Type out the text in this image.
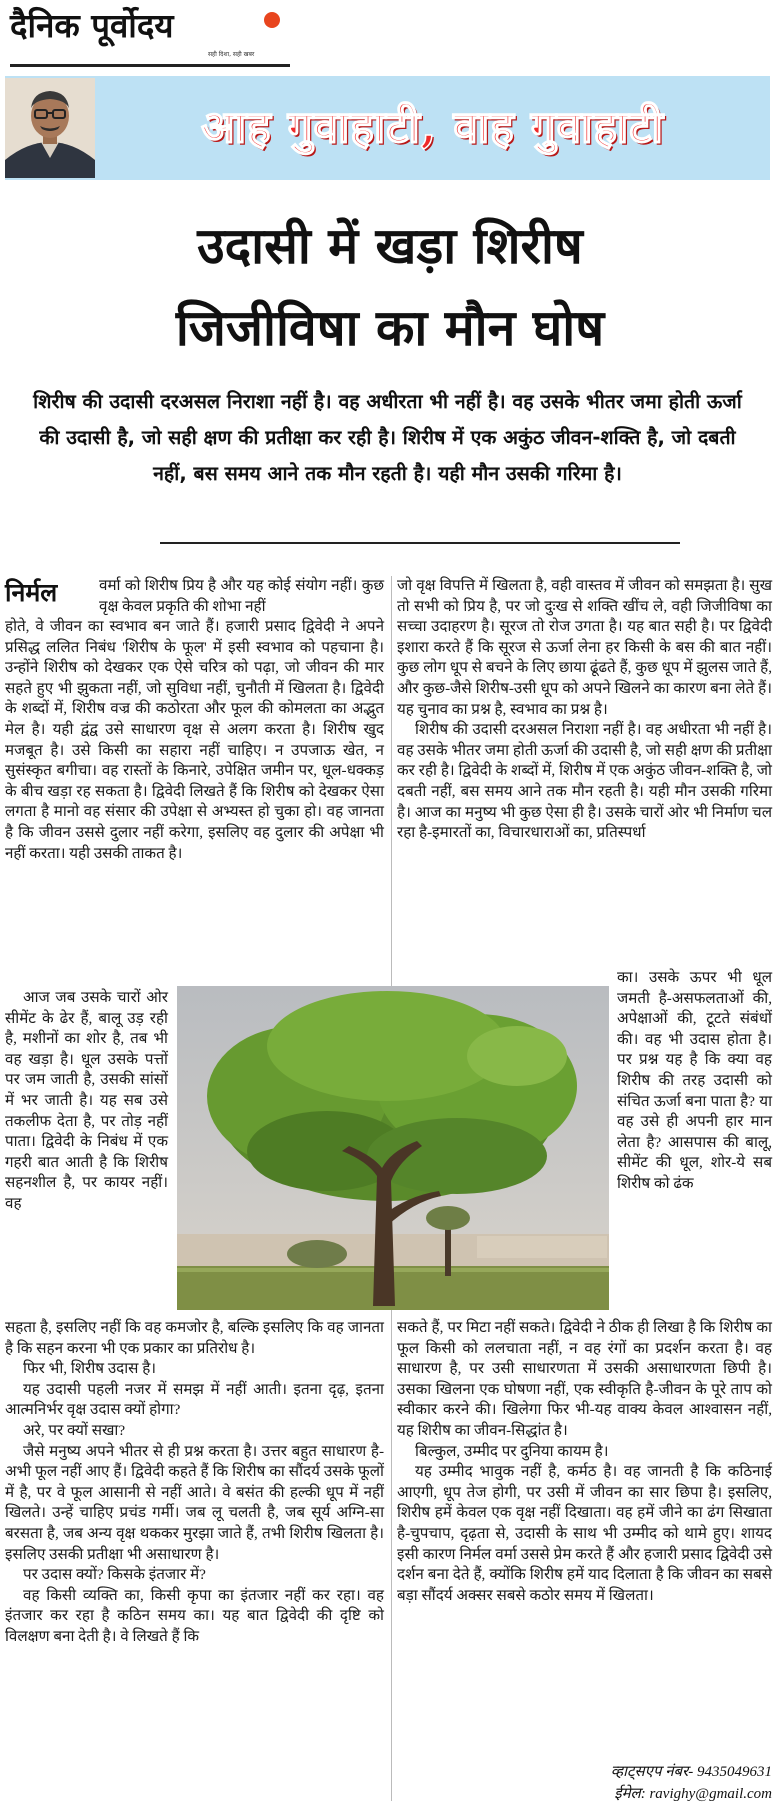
दैनिक पूर्वोदय
सही दिशा, सही खबर
आह गुवाहाटी, वाह गुवाहाटी
उदासी में खड़ा शिरीष
जिजीविषा का मौन घोष
शिरीष की उदासी दरअसल निराशा नहीं है। वह अधीरता भी नहीं है। वह उसके भीतर जमा होती ऊर्जा की उदासी है, जो सही क्षण की प्रतीक्षा कर रही है। शिरीष में एक अकुंठ जीवन-शक्ति है, जो दबती नहीं, बस समय आने तक मौन रहती है। यही मौन उसकी गरिमा है।
निर्मल	वर्मा को शिरीष प्रिय है और यह कोई संयोग नहीं। कुछ वृक्ष केवल प्रकृति की शोभा नहीं

होते, वे जीवन का स्वभाव बन जाते हैं। हजारी प्रसाद द्विवेदी ने अपने प्रसिद्ध ललित निबंध 'शिरीष के फूल' में इसी स्वभाव को पहचाना है। उन्होंने शिरीष को देखकर एक ऐसे चरित्र को पढ़ा, जो जीवन की मार सहते हुए भी झुकता नहीं, जो सुविधा नहीं, चुनौती में खिलता है। द्विवेदी के शब्दों में, शिरीष वज्र की कठोरता और फूल की कोमलता का अद्भुत मेल है। यही द्वंद्व उसे साधारण वृक्ष से अलग करता है। शिरीष खुद मजबूत है। उसे किसी का सहारा नहीं चाहिए। न उपजाऊ खेत, न सुसंस्कृत बगीचा। वह रास्तों के किनारे, उपेक्षित जमीन पर, धूल-धक्कड़ के बीच खड़ा रह सकता है। द्विवेदी लिखते हैं कि शिरीष को देखकर ऐसा लगता है मानो वह संसार की उपेक्षा से अभ्यस्त हो चुका हो। वह जानता है कि जीवन उससे दुलार नहीं करेगा, इसलिए वह दुलार की अपेक्षा भी नहीं करता। यही उसकी ताकत है।

आज जब उसके चारों ओर सीमेंट के ढेर हैं, बालू उड़ रही है, मशीनों का शोर है, तब भी वह खड़ा है। धूल उसके पत्तों पर जम जाती है, उसकी सांसों में भर जाती है। यह सब उसे तकलीफ देता है, पर तोड़ नहीं पाता। द्विवेदी के निबंध में एक गहरी बात आती है कि शिरीष सहनशील है, पर कायर नहीं। वह

सहता है, इसलिए नहीं कि वह कमजोर है, बल्कि इसलिए कि वह जानता है कि सहन करना भी एक प्रकार का प्रतिरोध है।

फिर भी, शिरीष उदास है।

यह उदासी पहली नजर में समझ में नहीं आती। इतना दृढ़, इतना आत्मनिर्भर वृक्ष उदास क्यों होगा?

अरे, पर क्यों सखा?

जैसे मनुष्य अपने भीतर से ही प्रश्न करता है। उत्तर बहुत साधारण है-अभी फूल नहीं आए हैं। द्विवेदी कहते हैं कि शिरीष का सौंदर्य उसके फूलों में है, पर वे फूल आसानी से नहीं आते। वे बसंत की हल्की धूप में नहीं खिलते। उन्हें चाहिए प्रचंड गर्मी। जब लू चलती है, जब सूर्य अग्नि-सा बरसता है, जब अन्य वृक्ष थककर मुरझा जाते हैं, तभी शिरीष खिलता है। इसलिए उसकी प्रतीक्षा भी असाधारण है।

पर उदास क्यों? किसके इंतजार में?

वह किसी व्यक्ति का, किसी कृपा का इंतजार नहीं कर रहा। वह इंतजार कर रहा है कठिन समय का। यह बात द्विवेदी की दृष्टि को विलक्षण बना देती है। वे लिखते हैं कि

जो वृक्ष विपत्ति में खिलता है, वही वास्तव में जीवन को समझता है। सुख तो सभी को प्रिय है, पर जो दुःख से शक्ति खींच ले, वही जिजीविषा का सच्चा उदाहरण है। सूरज तो रोज उगता है। यह बात सही है। पर द्विवेदी इशारा करते हैं कि सूरज से ऊर्जा लेना हर किसी के बस की बात नहीं। कुछ लोग धूप से बचने के लिए छाया ढूंढते हैं, कुछ धूप में झुलस जाते हैं, और कुछ-जैसे शिरीष-उसी धूप को अपने खिलने का कारण बना लेते हैं। यह चुनाव का प्रश्न है, स्वभाव का प्रश्न है।

शिरीष की उदासी दरअसल निराशा नहीं है। वह अधीरता भी नहीं है। वह उसके भीतर जमा होती ऊर्जा की उदासी है, जो सही क्षण की प्रतीक्षा कर रही है। द्विवेदी के शब्दों में, शिरीष में एक अकुंठ जीवन-शक्ति है, जो दबती नहीं, बस समय आने तक मौन रहती है। यही मौन उसकी गरिमा है। आज का मनुष्य भी कुछ ऐसा ही है। उसके चारों ओर भी निर्माण चल रहा है-इमारतों का, विचारधाराओं का, प्रतिस्पर्धा

का। उसके ऊपर भी धूल जमती है-असफलताओं की, अपेक्षाओं की, टूटते संबंधों की। वह भी उदास होता है। पर प्रश्न यह है कि क्या वह शिरीष की तरह उदासी को संचित ऊर्जा बना पाता है? या वह उसे ही अपनी हार मान लेता है? आसपास की बालू, सीमेंट की धूल, शोर-ये सब शिरीष को ढंक

सकते हैं, पर मिटा नहीं सकते। द्विवेदी ने ठीक ही लिखा है कि शिरीष का फूल किसी को ललचाता नहीं, न वह रंगों का प्रदर्शन करता है। वह साधारण है, पर उसी साधारणता में उसकी असाधारणता छिपी है। उसका खिलना एक घोषणा नहीं, एक स्वीकृति है-जीवन के पूरे ताप को स्वीकार करने की। खिलेगा फिर भी-यह वाक्य केवल आश्वासन नहीं, यह शिरीष का जीवन-सिद्धांत है।

बिल्कुल, उम्मीद पर दुनिया कायम है।

यह उम्मीद भावुक नहीं है, कर्मठ है। वह जानती है कि कठिनाई आएगी, धूप तेज होगी, पर उसी में जीवन का सार छिपा है। इसलिए, शिरीष हमें केवल एक वृक्ष नहीं दिखाता। वह हमें जीने का ढंग सिखाता है-चुपचाप, दृढ़ता से, उदासी के साथ भी उम्मीद को थामे हुए। शायद इसी कारण निर्मल वर्मा उससे प्रेम करते हैं और हजारी प्रसाद द्विवेदी उसे दर्शन बना देते हैं, क्योंकि शिरीष हमें याद दिलाता है कि जीवन का सबसे बड़ा सौंदर्य अक्सर सबसे कठोर समय में खिलता।

व्हाट्सएप नंबर- 9435049631
ईमेल: ravighy@gmail.com
